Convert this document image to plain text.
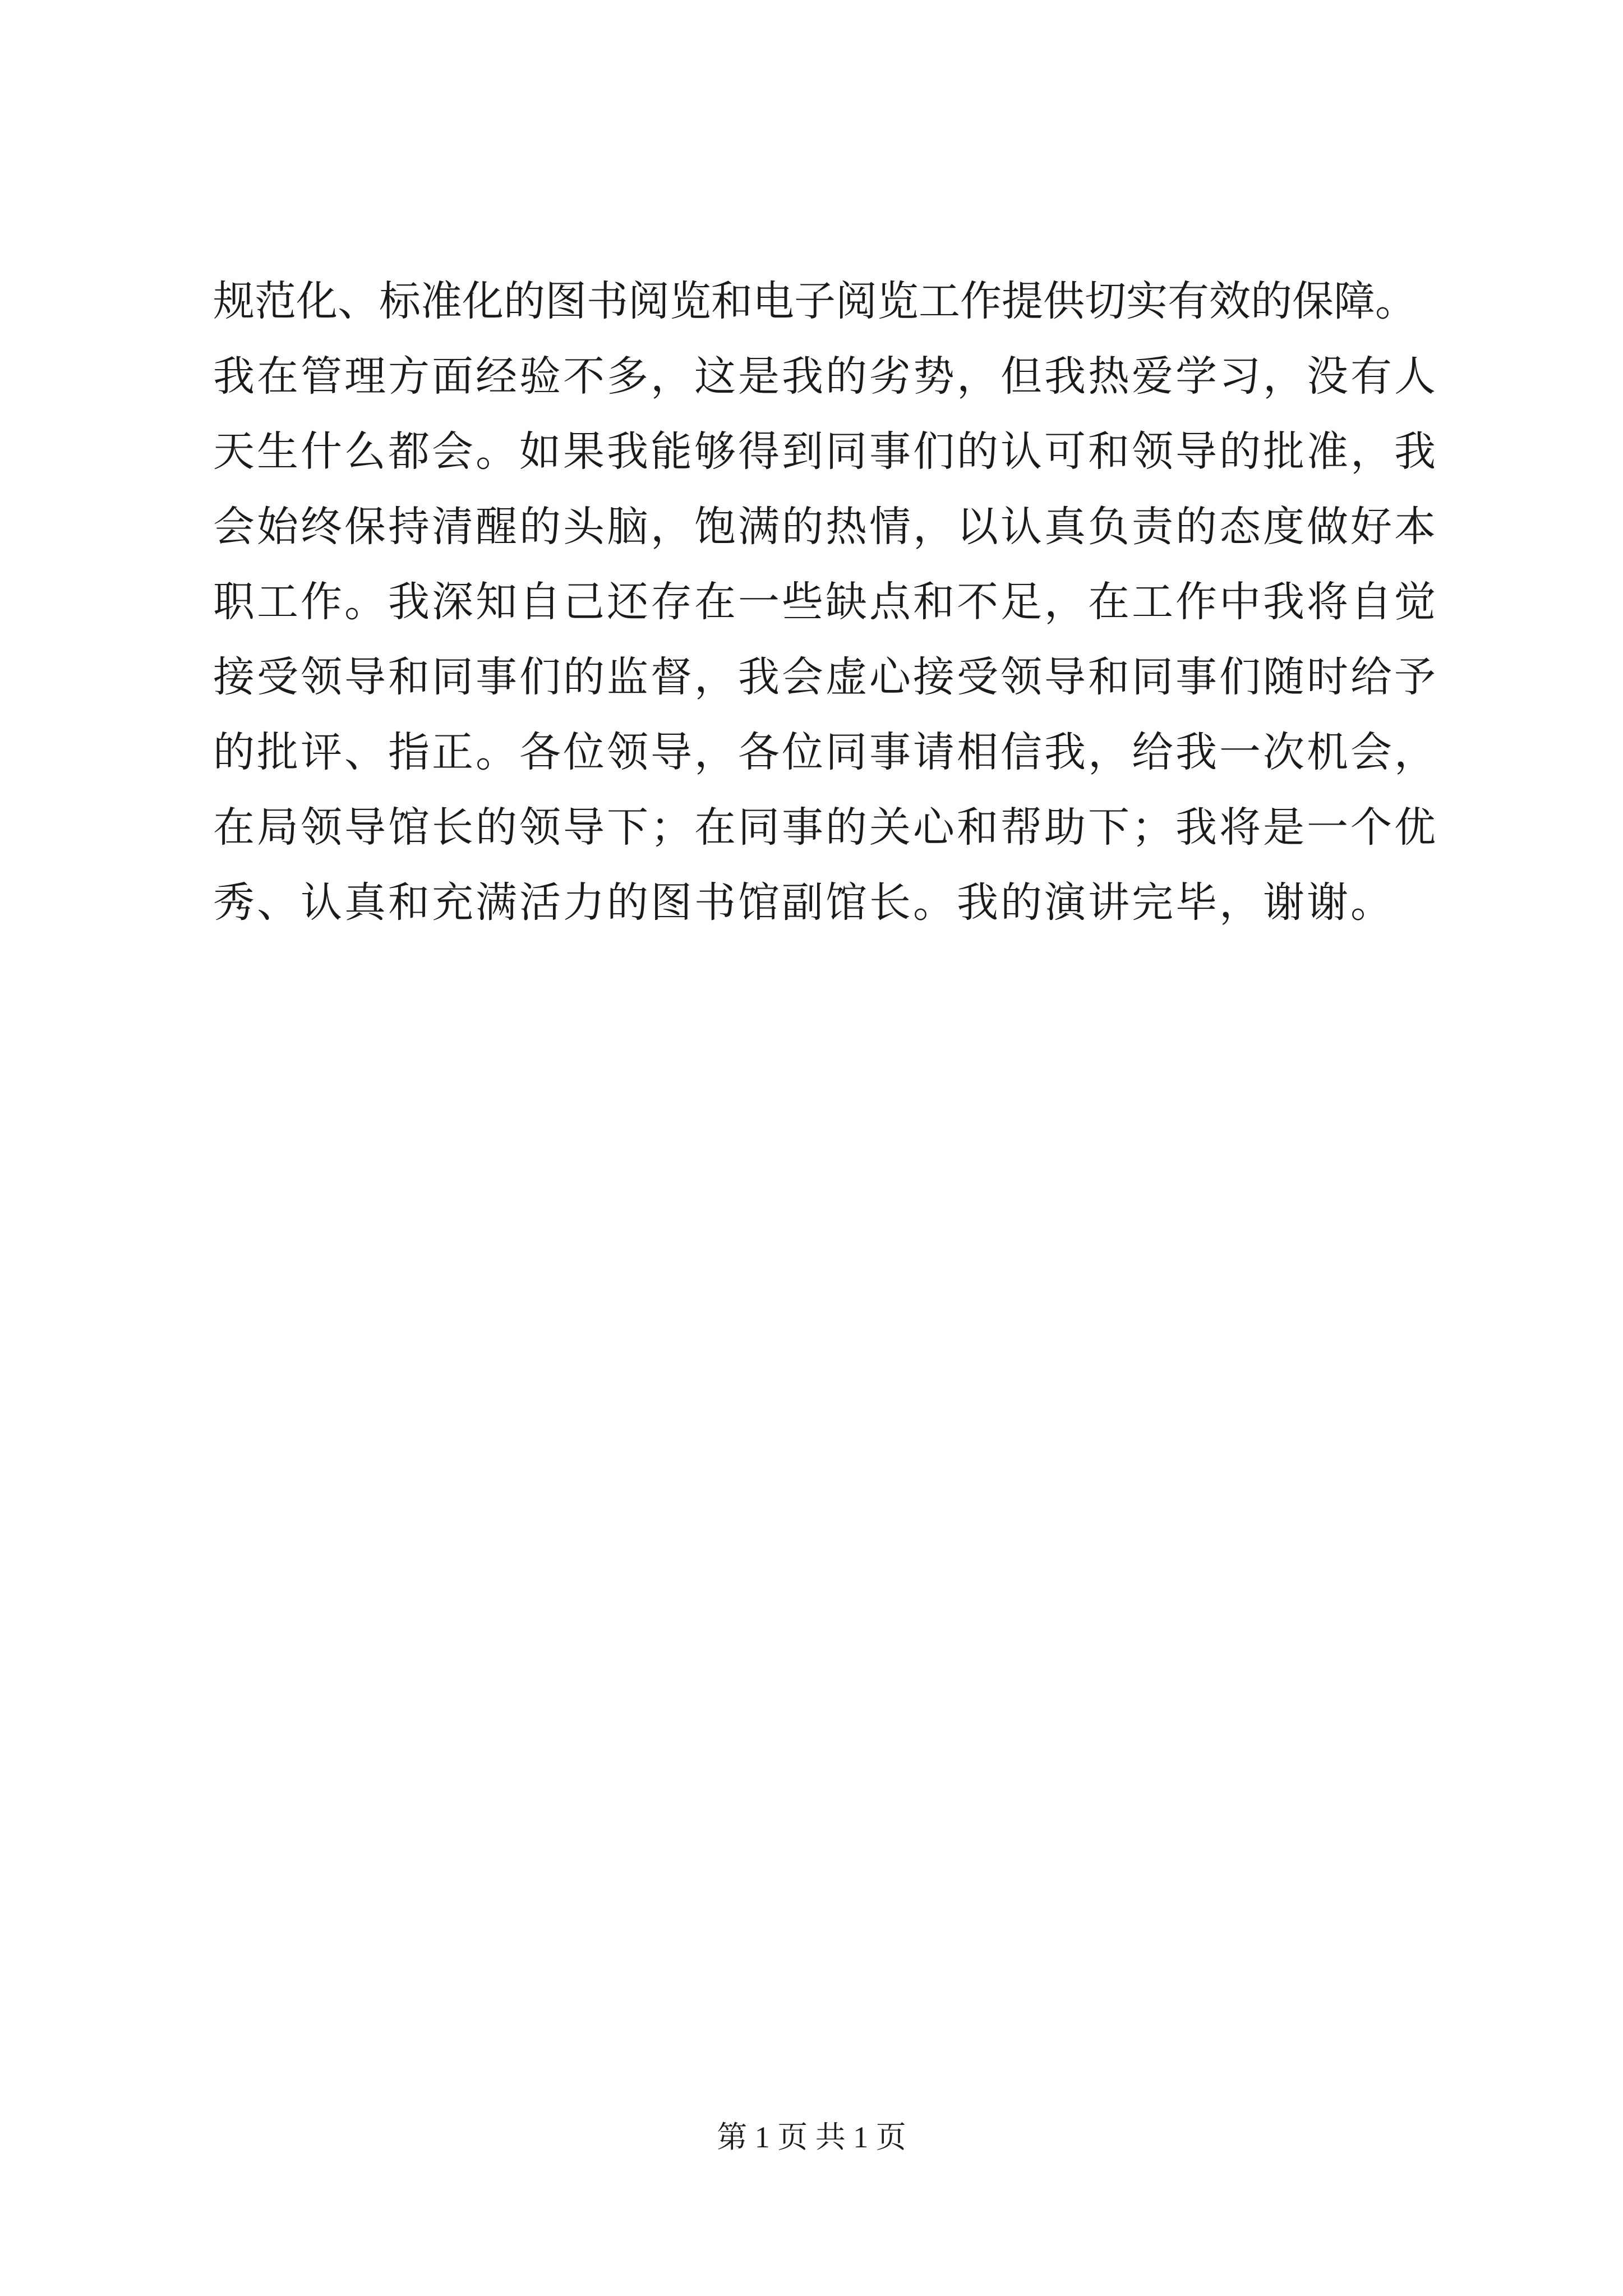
规范化、标准化的图书阅览和电子阅览工作提供切实有效的保障。
我在管理方面经验不多，这是我的劣势，但我热爱学习，没有人
天生什么都会。如果我能够得到同事们的认可和领导的批准，我
会始终保持清醒的头脑，饱满的热情，以认真负责的态度做好本
职工作。我深知自己还存在一些缺点和不足，在工作中我将自觉
接受领导和同事们的监督，我会虚心接受领导和同事们随时给予
的批评、指正。各位领导，各位同事请相信我，给我一次机会，
在局领导馆长的领导下；在同事的关心和帮助下；我将是一个优
秀、认真和充满活力的图书馆副馆长。我的演讲完毕，谢谢。
第 1 页 共 1 页
